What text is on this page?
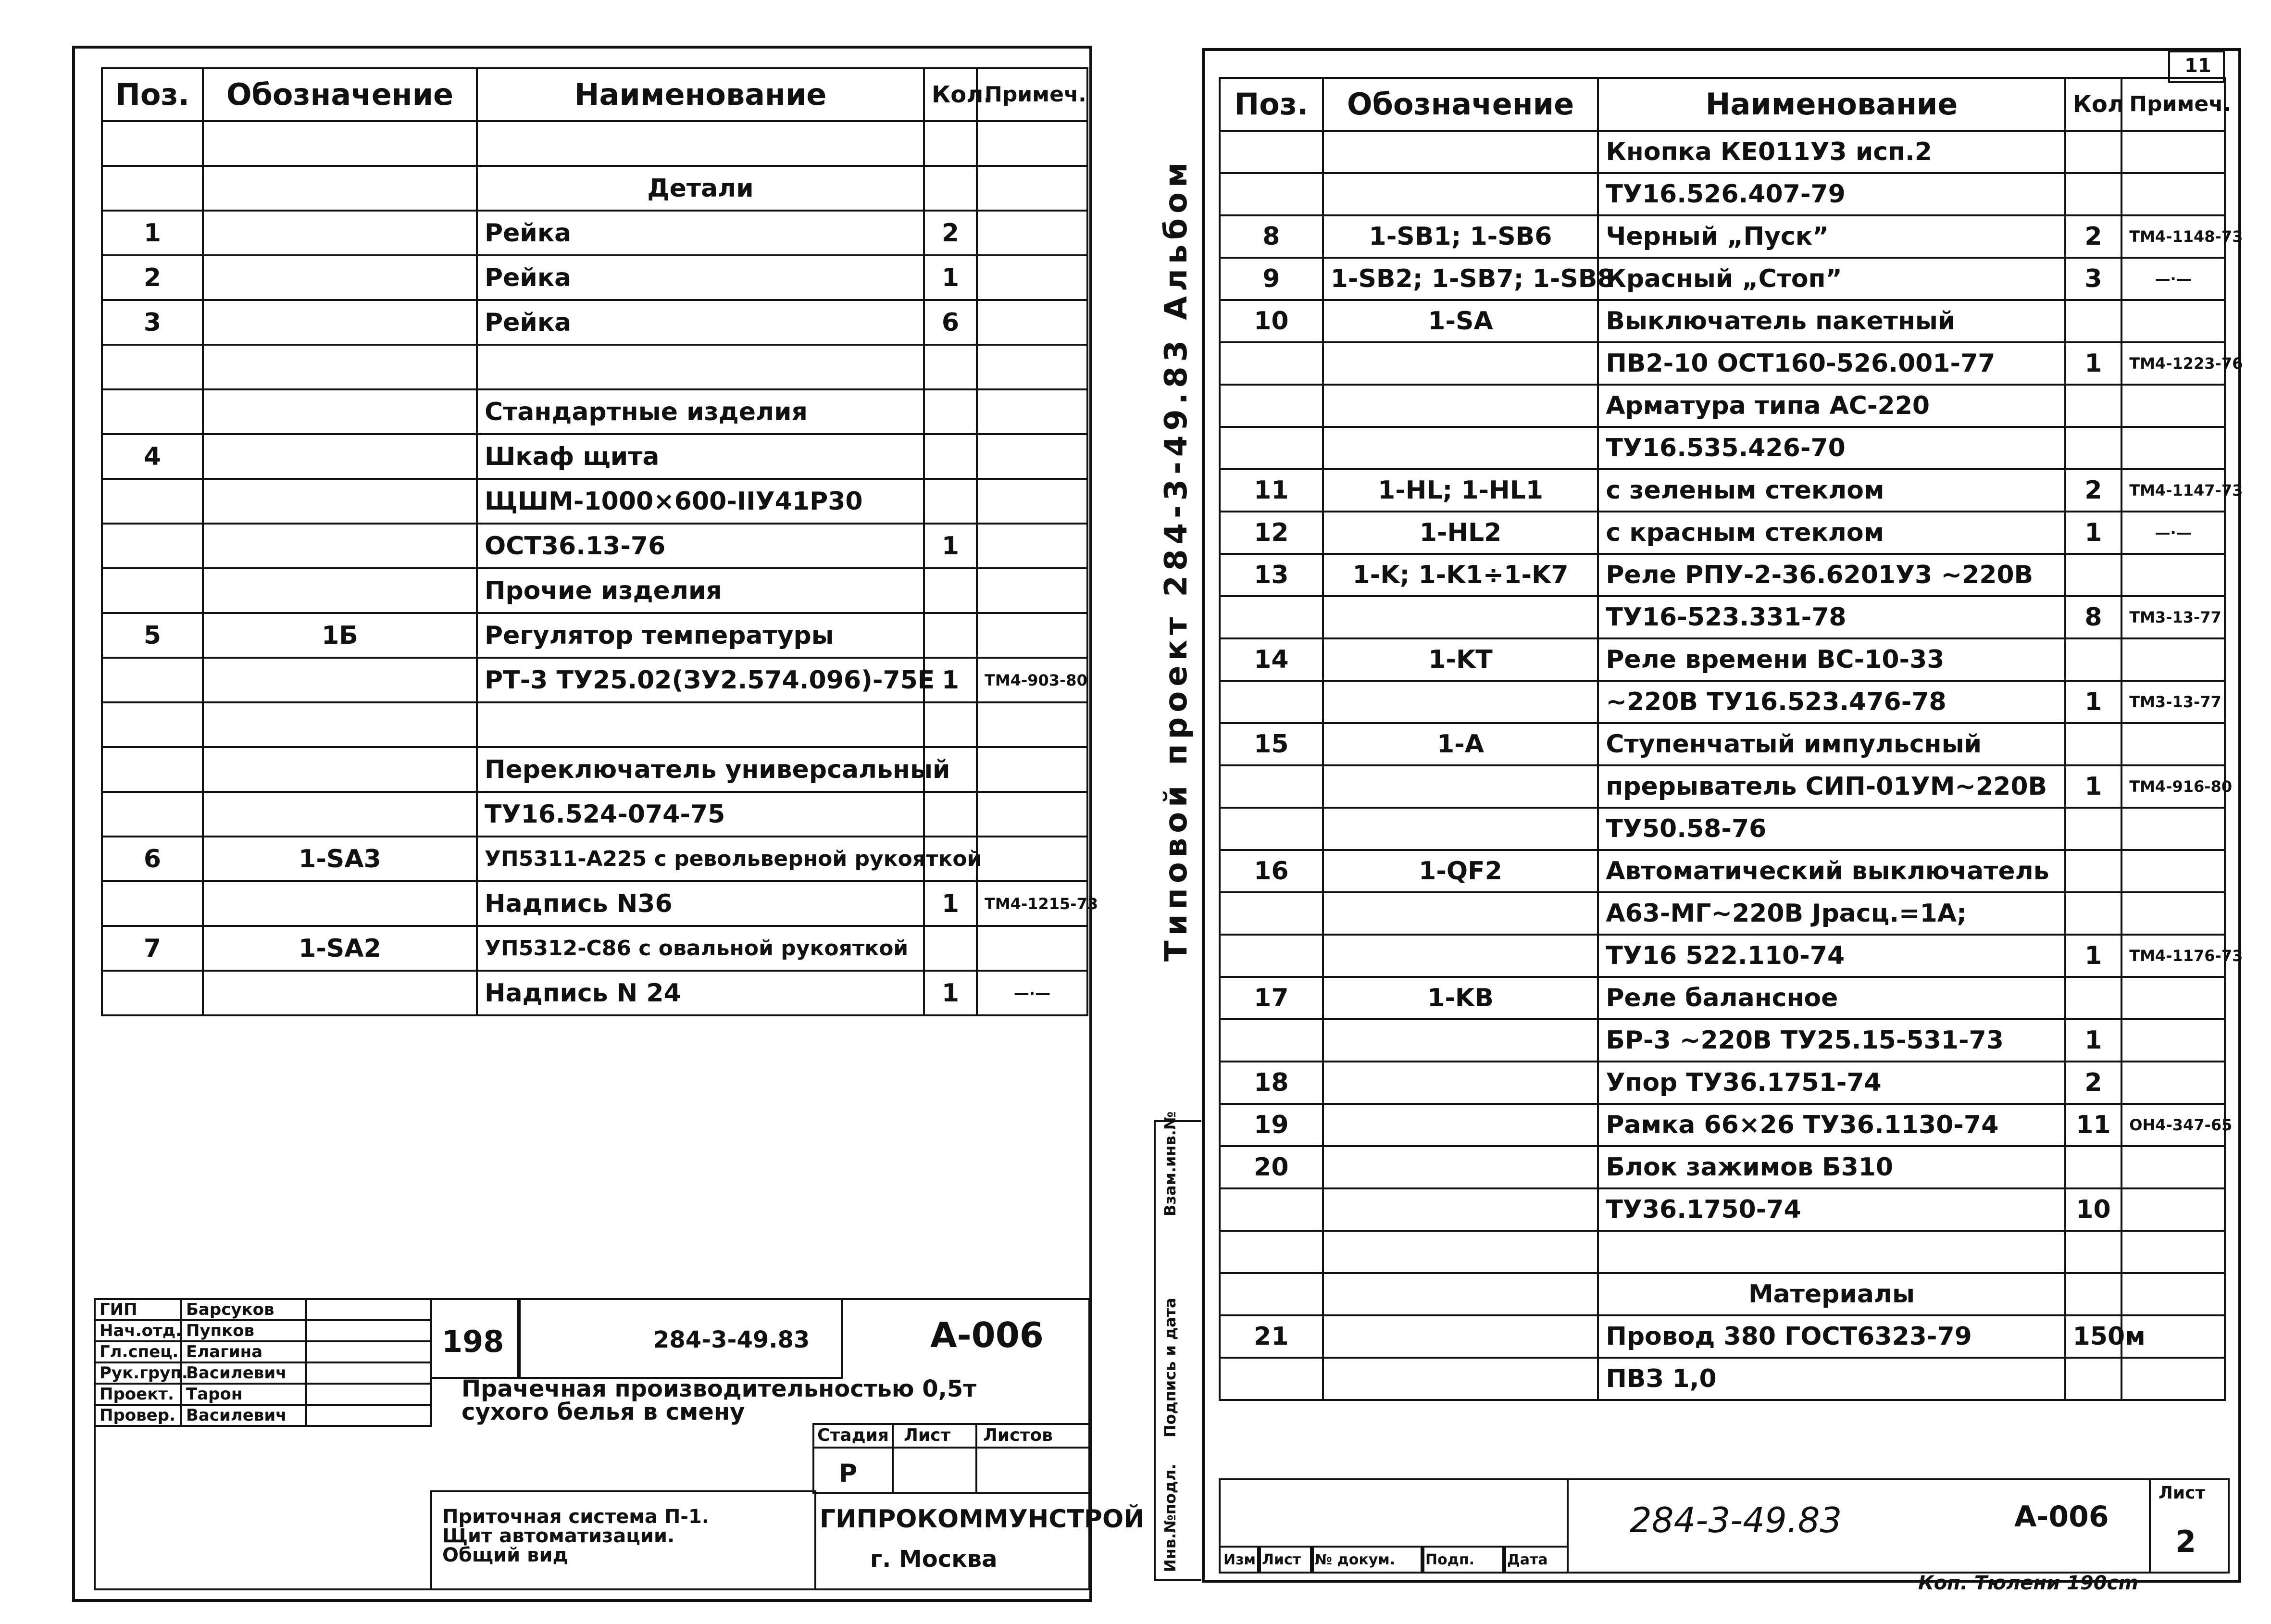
Поз.	Обозначение	Наименование	Кол.	Примеч.

		Детали		
1		Рейка	2	
2		Рейка	1	
3		Рейка	6	

		Стандартные изделия		
4		Шкаф щита		
		ЩШМ-1000×600-IIУ41Р30		
		ОСТ36.13-76	1	
		Прочие изделия		
5	1Б	Регулятор температуры		
		РТ-3 ТУ25.02(ЗУ2.574.096)-75Е	1	ТМ4-903-80

		Переключатель универсальный		
		ТУ16.524-074-75		
6	1-SA3	УП5311-А225 с револьверной рукояткой		
		Надпись N36	1	ТМ4-1215-73
7	1-SA2	УП5312-С86 с овальной рукояткой		
		Надпись N 24	1	—·—
Типовой проект 284-3-49.83 Альбом
ГИП	Барсуков	
Нач.отд.	Пупков	
Гл.спец.	Елагина	
Рук.груп.	Василевич	
Проект.	Тарон	
Провер.	Василевич	
198	284-3-49.83	А-006
Прачечная производительностью 0,5т сухого белья в смену
Стадия Лист Листов
Р
Приточная система П-1. Щит автоматизации. Общий вид
ГИПРОКОММУНСТРОЙ
г. Москва
11
Поз.	Обозначение	Наименование	Кол	Примеч.
		Кнопка КЕ011У3 исп.2		
		ТУ16.526.407-79		
8	1-SB1; 1-SB6	Черный „Пуск”	2	ТМ4-1148-73
9	1-SB2; 1-SB7; 1-SB8	Красный „Стоп”	3	—·—
10	1-SA	Выключатель пакетный		
		ПВ2-10 ОСТ160-526.001-77	1	ТМ4-1223-76
		Арматура типа АС-220		
		ТУ16.535.426-70		
11	1-HL; 1-HL1	с зеленым стеклом	2	ТМ4-1147-73
12	1-HL2	с красным стеклом	1	—·—
13	1-K; 1-K1÷1-K7	Реле РПУ-2-36.6201У3 ~220В		
		ТУ16-523.331-78	8	ТМ3-13-77
14	1-KT	Реле времени ВС-10-33		
		~220В ТУ16.523.476-78	1	ТМ3-13-77
15	1-A	Ступенчатый импульсный		
		прерыватель СИП-01УМ~220В	1	ТМ4-916-80
		ТУ50.58-76		
16	1-QF2	Автоматический выключатель		
		А63-МГ~220В Jрасц.=1А;		
		ТУ16 522.110-74	1	ТМ4-1176-73
17	1-KB	Реле балансное		
		БР-3 ~220В ТУ25.15-531-73	1	
18		Упор ТУ36.1751-74	2	
19		Рамка 66×26 ТУ36.1130-74	11	ОН4-347-65
20		Блок зажимов Б310		
		ТУ36.1750-74	10	

		Материалы		
21		Провод 380 ГОСТ6323-79	150м	
		ПВЗ 1,0		
Инв.№подл.
Подпись и дата
Взам.инв.№
Изм. Лист № докум. Подп. Дата
284-3-49.83	А-006
Лист
2
Коп. Тюлени 190cm
